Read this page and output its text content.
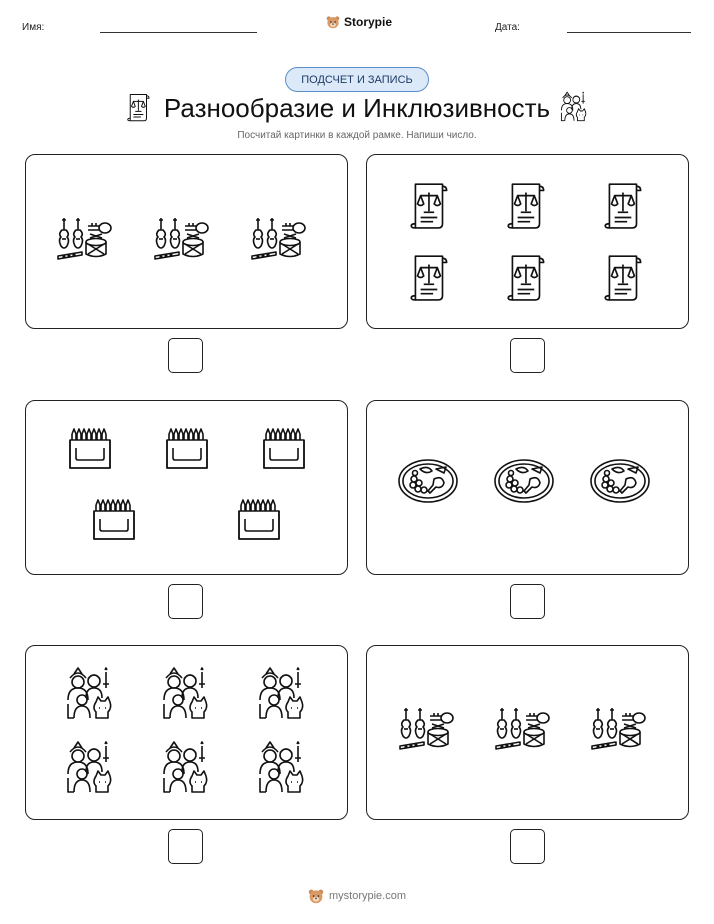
Имя:	Storypie	Дата:
ПОДСЧЕТ И ЗАПИСЬ
Разнообразие и Инклюзивность
Посчитай картинки в каждой рамке. Напиши число.
mystorypie.com
